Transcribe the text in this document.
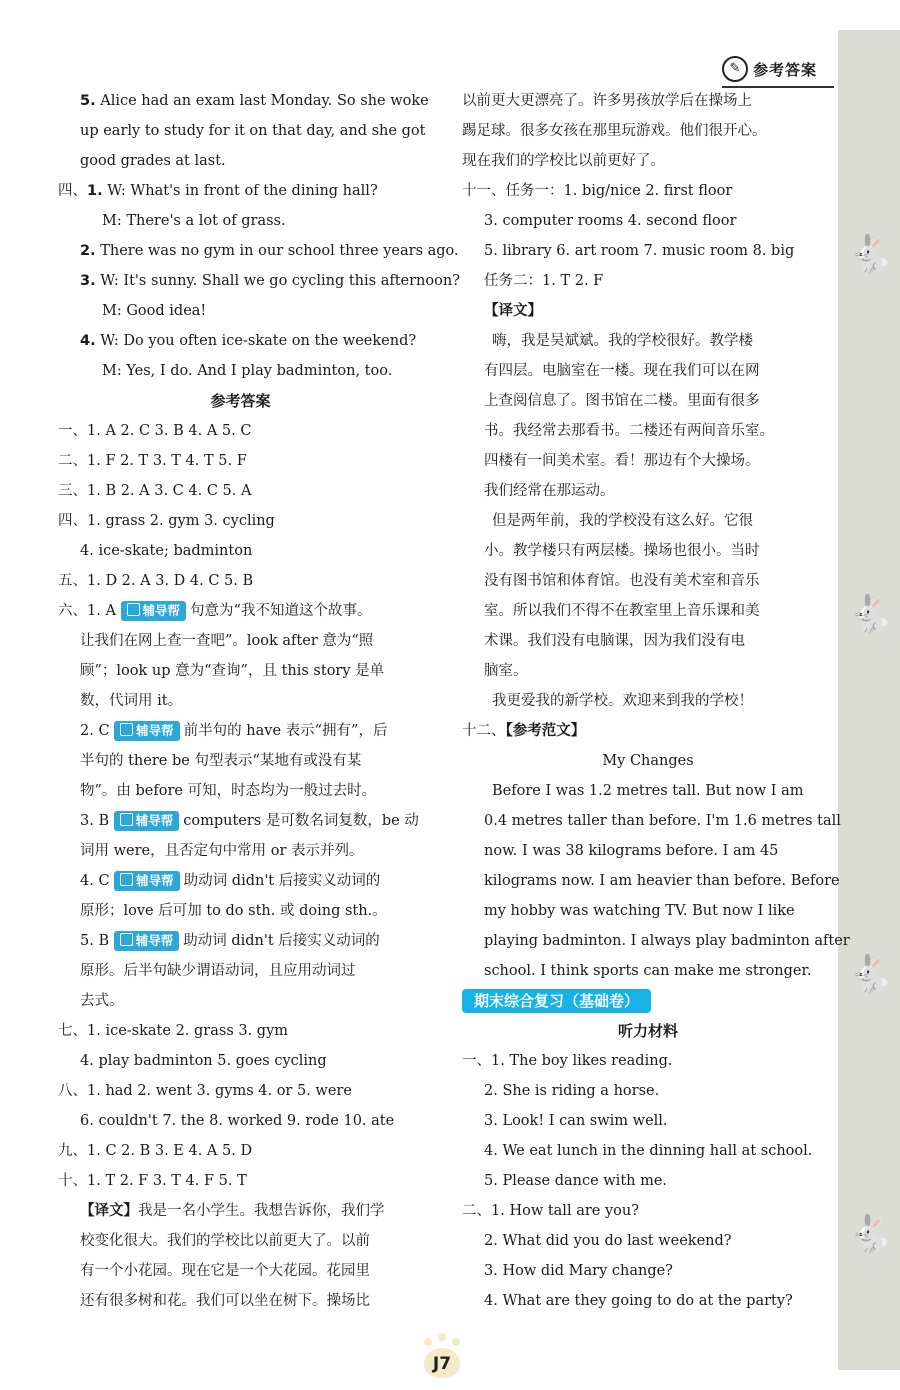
🐇
🐇
🐇
🐇
✎ 参考答案
5. Alice had an exam last Monday. So she woke
up early to study for it on that day, and she got
good grades at last.
四、1. W: What's in front of the dining hall?
M: There's a lot of grass.
2. There was no gym in our school three years ago.
3. W: It's sunny. Shall we go cycling this afternoon?
M: Good idea!
4. W: Do you often ice-skate on the weekend?
M: Yes, I do. And I play badminton, too.
参考答案
一、1. A 2. C 3. B 4. A 5. C
二、1. F 2. T 3. T 4. T 5. F
三、1. B 2. A 3. C 4. C 5. A
四、1. grass 2. gym 3. cycling
4. ice-skate; badminton
五、1. D 2. A 3. D 4. C 5. B
六、1. A 辅导帮 句意为“我不知道这个故事。
让我们在网上查一查吧”。look after 意为“照
顾”；look up 意为“查询”，且 this story 是单
数，代词用 it。
2. C 辅导帮 前半句的 have 表示“拥有”，后
半句的 there be 句型表示“某地有或没有某
物”。由 before 可知，时态均为一般过去时。
3. B 辅导帮 computers 是可数名词复数，be 动
词用 were，且否定句中常用 or 表示并列。
4. C 辅导帮 助动词 didn't 后接实义动词的
原形；love 后可加 to do sth. 或 doing sth.。
5. B 辅导帮 助动词 didn't 后接实义动词的
原形。后半句缺少谓语动词，且应用动词过
去式。
七、1. ice-skate 2. grass 3. gym
4. play badminton 5. goes cycling
八、1. had 2. went 3. gyms 4. or 5. were
6. couldn't 7. the 8. worked 9. rode 10. ate
九、1. C 2. B 3. E 4. A 5. D
十、1. T 2. F 3. T 4. F 5. T
【译文】我是一名小学生。我想告诉你，我们学
校变化很大。我们的学校比以前更大了。以前
有一个小花园。现在它是一个大花园。花园里
还有很多树和花。我们可以坐在树下。操场比
以前更大更漂亮了。许多男孩放学后在操场上
踢足球。很多女孩在那里玩游戏。他们很开心。
现在我们的学校比以前更好了。
十一、任务一：1. big/nice 2. first floor
3. computer rooms 4. second floor
5. library 6. art room 7. music room 8. big
任务二：1. T 2. F
【译文】
嗨，我是吴斌斌。我的学校很好。教学楼
有四层。电脑室在一楼。现在我们可以在网
上查阅信息了。图书馆在二楼。里面有很多
书。我经常去那看书。二楼还有两间音乐室。
四楼有一间美术室。看！那边有个大操场。
我们经常在那运动。
但是两年前，我的学校没有这么好。它很
小。教学楼只有两层楼。操场也很小。当时
没有图书馆和体育馆。也没有美术室和音乐
室。所以我们不得不在教室里上音乐课和美
术课。我们没有电脑课，因为我们没有电
脑室。
我更爱我的新学校。欢迎来到我的学校！
十二、【参考范文】
My Changes
Before I was 1.2 metres tall. But now I am
0.4 metres taller than before. I'm 1.6 metres tall
now. I was 38 kilograms before. I am 45
kilograms now. I am heavier than before. Before
my hobby was watching TV. But now I like
playing badminton. I always play badminton after
school. I think sports can make me stronger.
期末综合复习（基础卷）
听力材料
一、1. The boy likes reading.
2. She is riding a horse.
3. Look! I can swim well.
4. We eat lunch in the dinning hall at school.
5. Please dance with me.
二、1. How tall are you?
2. What did you do last weekend?
3. How did Mary change?
4. What are they going to do at the party?
J7
